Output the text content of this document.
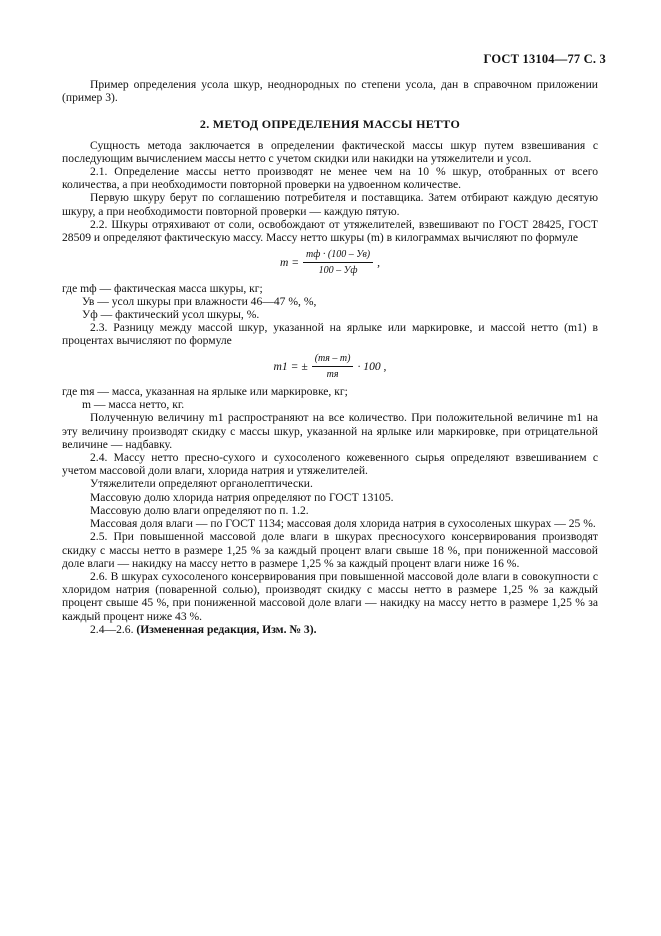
ГОСТ 13104—77 С. 3

Пример определения усола шкур, неоднородных по степени усола, дан в справочном приложении (пример 3).

2. МЕТОД ОПРЕДЕЛЕНИЯ МАССЫ НЕТТО

Сущность метода заключается в определении фактической массы шкур путем взвешивания с последующим вычислением массы нетто с учетом скидки или накидки на утяжелители и усол.

2.1. Определение массы нетто производят не менее чем на 10 % шкур, отобранных от всего количества, а при необходимости повторной проверки на удвоенном количестве.

Первую шкуру берут по соглашению потребителя и поставщика. Затем отбирают каждую десятую шкуру, а при необходимости повторной проверки — каждую пятую.

2.2. Шкуры отряхивают от соли, освобождают от утяжелителей, взвешивают по ГОСТ 28425, ГОСТ 28509 и определяют фактическую массу. Массу нетто шкуры (m) в килограммах вычисляют по формуле

$m = \frac{mф \cdot (100 - Ув)}{100 - Уф}$ ,

где mф — фактическая масса шкуры, кг;

Ув — усол шкуры при влажности 46—47 %, %,

Уф — фактический усол шкуры, %.

2.3. Разницу между массой шкур, указанной на ярлыке или маркировке, и массой нетто (m1) в процентах вычисляют по формуле

m1 = ± $\frac{(mя - m)}{mя} \cdot 100$ ,

где mя — масса, указанная на ярлыке или маркировке, кг;

m — масса нетто, кг.

Полученную величину m1 распространяют на все количество. При положительной величине m1 на эту величину производят скидку с массы шкур, указанной на ярлыке или маркировке, при отрицательной величине — надбавку.

2.4. Массу нетто пресно-сухого и сухосоленого кожевенного сырья определяют взвешиванием с учетом массовой доли влаги, хлорида натрия и утяжелителей.

Утяжелители определяют органолептически.

Массовую долю хлорида натрия определяют по ГОСТ 13105.

Массовую долю влаги определяют по п. 1.2.

Массовая доля влаги — по ГОСТ 1134; массовая доля хлорида натрия в сухосоленых шкурах — 25 %.

2.5. При повышенной массовой доле влаги в шкурах пресносухого консервирования производят скидку с массы нетто в размере 1,25 % за каждый процент влаги свыше 18 %, при пониженной массовой доле влаги — накидку на массу нетто в размере 1,25 % за каждый процент влаги ниже 16 %.

2.6. В шкурах сухосоленого консервирования при повышенной массовой доле влаги в совокупности с хлоридом натрия (поваренной солью), производят скидку с массы нетто в размере 1,25 % за каждый процент свыше 45 %, при пониженной массовой доле влаги — накидку на массу нетто в размере 1,25 % за каждый процент ниже 43 %.

2.4—2.6. (Измененная редакция, Изм. № 3).
